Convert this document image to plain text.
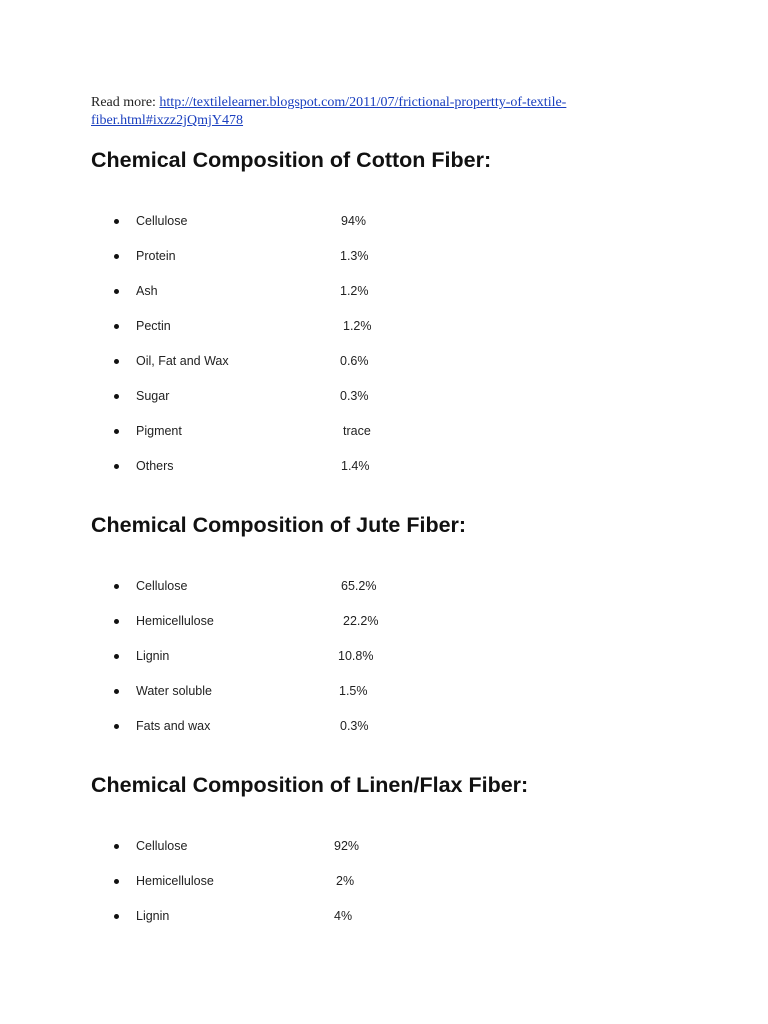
Read more: http://textilelearner.blogspot.com/2011/07/frictional-propertty-of-textile-
fiber.html#ixzz2jQmjY478
Chemical Composition of Cotton Fiber:
Cellulose	94%
Protein	1.3%
Ash	1.2%
Pectin	1.2%
Oil, Fat and Wax	0.6%
Sugar	0.3%
Pigment	trace
Others	1.4%
Chemical Composition of Jute Fiber:
Cellulose	65.2%
Hemicellulose	22.2%
Lignin	10.8%
Water soluble	1.5%
Fats and wax	0.3%
Chemical Composition of Linen/Flax Fiber:
Cellulose	92%
Hemicellulose	2%
Lignin	4%
